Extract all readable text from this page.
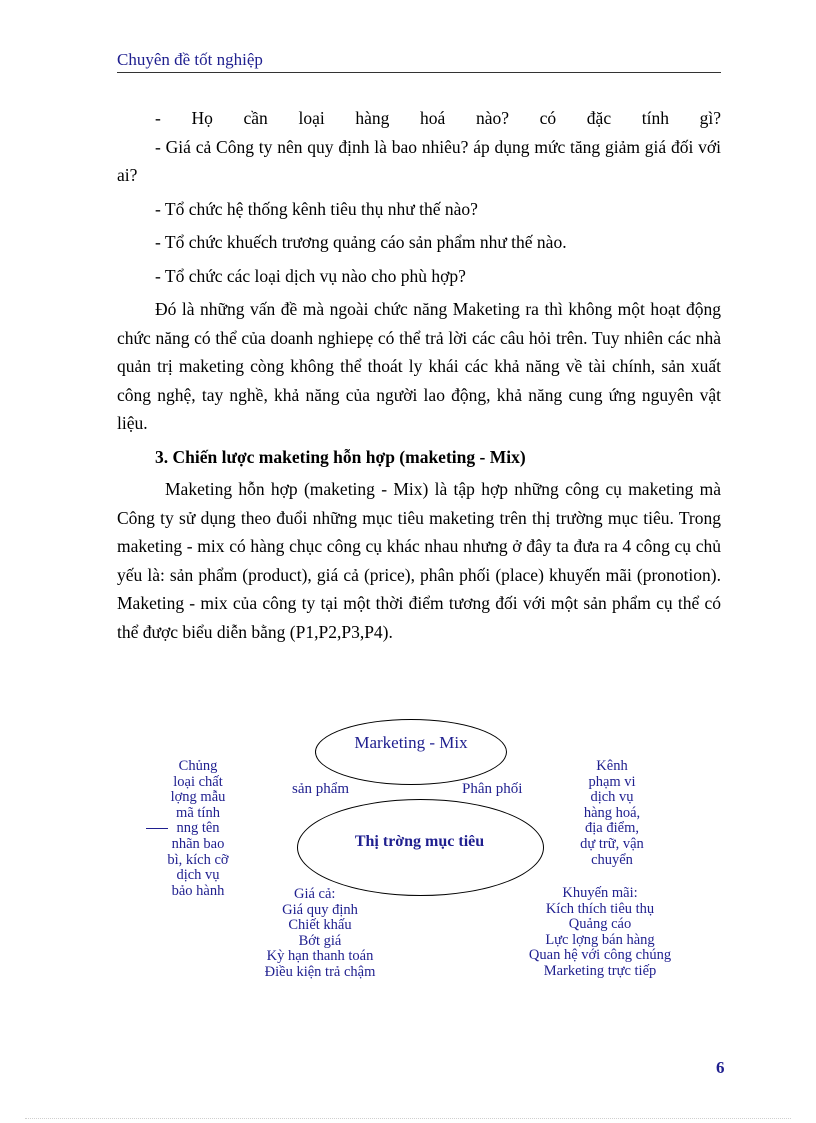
Chuyên đề tốt nghiệp

- Họ cần loại hàng hoá nào? có đặc tính gì?

- Giá cả Công ty nên quy định là bao nhiêu? áp dụng mức tăng giảm giá đối với ai?

- Tổ chức hệ thống kênh tiêu thụ như thế nào?

- Tổ chức khuếch trương quảng cáo sản phẩm như thế nào.

- Tổ chức các loại dịch vụ nào cho phù hợp?

Đó là những vấn đề mà ngoài chức năng Maketing ra thì không một hoạt động chức năng có thể của doanh nghiepẹ có thể trả lời các câu hỏi trên. Tuy nhiên các nhà quản trị maketing còng không thể thoát ly khái các khả năng về tài chính, sản xuất công nghệ, tay nghề, khả năng của người lao động, khả năng cung ứng nguyên vật liệu.

3. Chiến lược maketing hỗn hợp (maketing - Mix)

Maketing hỗn hợp (maketing - Mix) là tập hợp những công cụ maketing mà Công ty sử dụng theo đuổi những mục tiêu maketing trên thị trường mục tiêu. Trong maketing - mix có hàng chục công cụ khác nhau nhưng ở đây ta đưa ra 4 công cụ chủ yếu là: sản phẩm (product), giá cả (price), phân phối (place) khuyến mãi (pronotion). Maketing - mix của công ty tại một thời điểm tương đối với một sản phẩm cụ thể có thể được biểu diễn bằng (P1,P2,P3,P4).

Marketing - Mix
Thị trờng mục tiêu
sản phẩm	Phân phối
Chủng
loại chất
lợng mẫu
mã tính
nng tên
nhãn bao
bì, kích cỡ
dịch vụ
bảo hành
Kênh
phạm vi
dịch vụ
hàng hoá,
địa điểm,
dự trữ, vận
chuyển
Giá cả:
Giá quy định
Chiết khấu
Bớt giá
Kỳ hạn thanh toán
Điều kiện trả chậm
Khuyến mãi:
Kích thích tiêu thụ
Quảng cáo
Lực lợng bán hàng
Quan hệ với công chúng
Marketing trực tiếp
6
